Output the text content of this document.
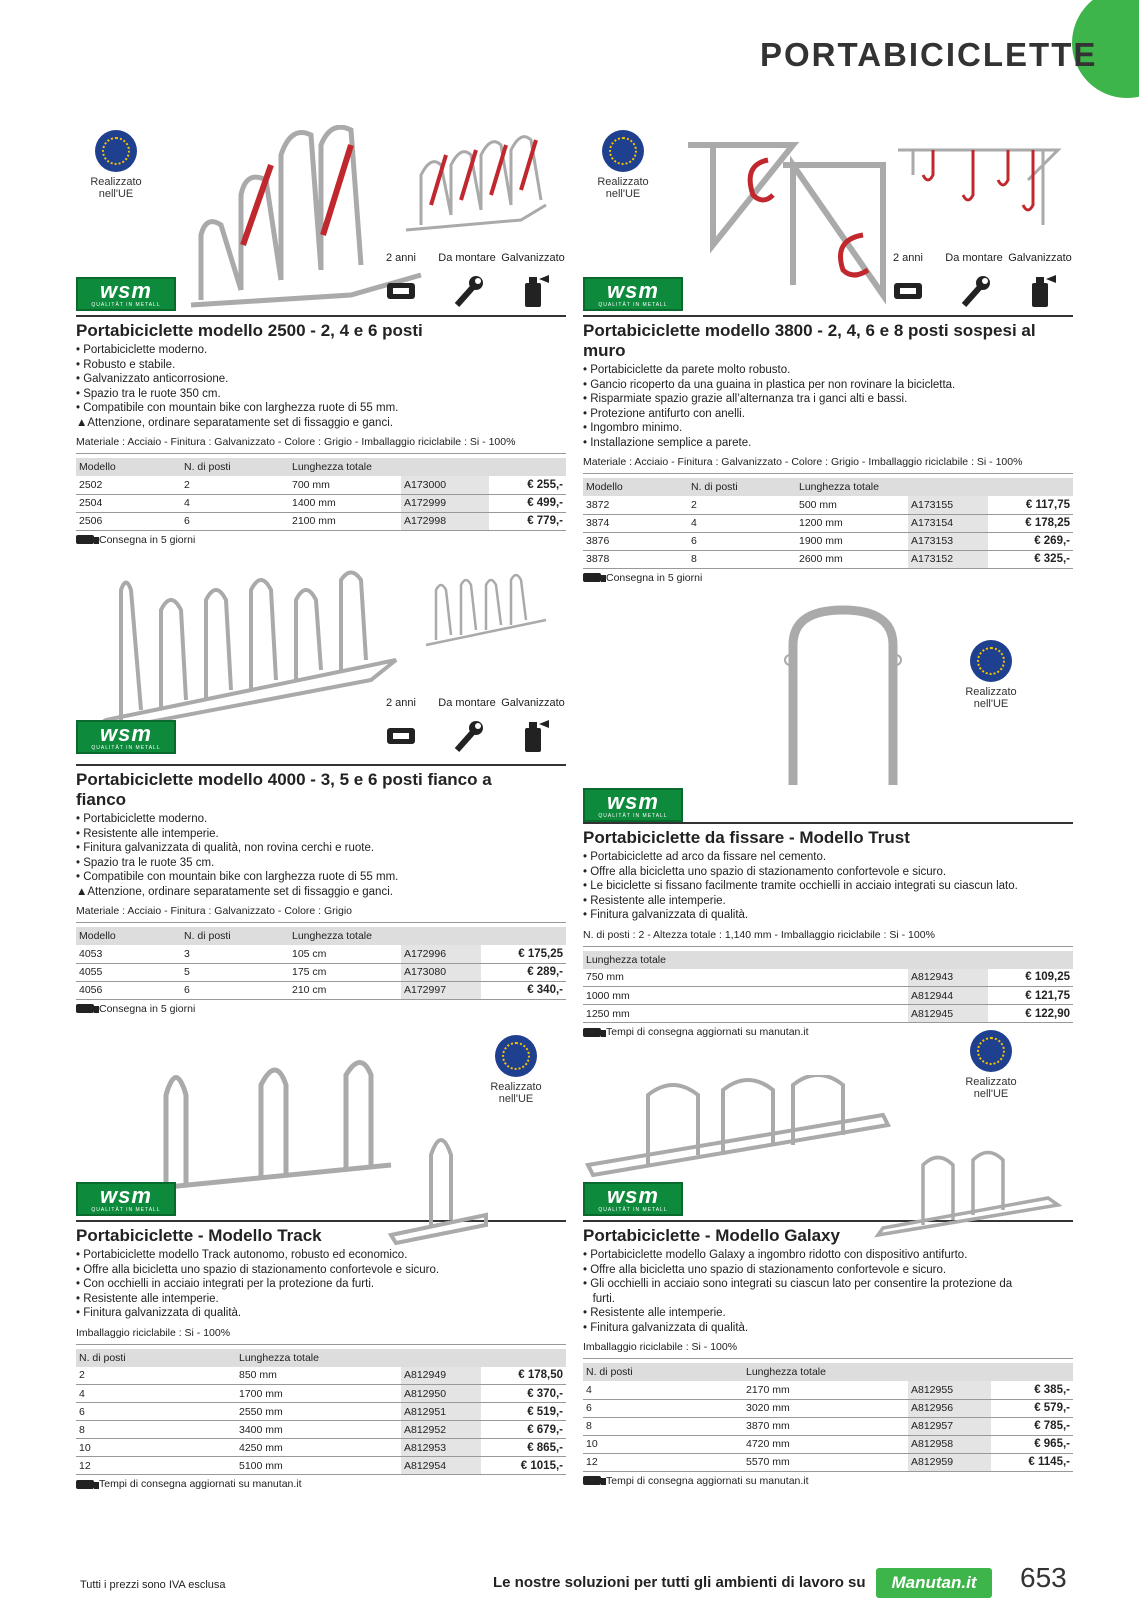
PORTABICICLETTE
Realizzato nell'UE
2 anni Da montare Galvanizzato
wsm
QUALITÄT IN METALL
Portabiciclette modello 2500 - 2, 4 e 6 posti
• Portabiciclette moderno.
• Robusto e stabile.
• Galvanizzato anticorrosione.
• Spazio tra le ruote 350 cm.
• Compatibile con mountain bike con larghezza ruote di 55 mm.
▲Attenzione, ordinare separatamente set di fissaggio e ganci.
Materiale : Acciaio - Finitura : Galvanizzato - Colore : Grigio - Imballaggio riciclabile : Si - 100%
Modello	N. di posti	Lunghezza totale		
2502	2	700 mm	A173000	€ 255,-
2504	4	1400 mm	A172999	€ 499,-
2506	6	2100 mm	A172998	€ 779,-
Consegna in 5 giorni
Realizzato nell'UE
2 anni Da montare Galvanizzato
wsm
QUALITÄT IN METALL
Portabiciclette modello 3800 - 2, 4, 6 e 8 posti sospesi al muro
• Portabiciclette da parete molto robusto.
• Gancio ricoperto da una guaina in plastica per non rovinare la bicicletta.
• Risparmiate spazio grazie all’alternanza tra i ganci alti e bassi.
• Protezione antifurto con anelli.
• Ingombro minimo.
• Installazione semplice a parete.
Materiale : Acciaio - Finitura : Galvanizzato - Colore : Grigio - Imballaggio riciclabile : Si - 100%
Modello	N. di posti	Lunghezza totale		
3872	2	500 mm	A173155	€ 117,75
3874	4	1200 mm	A173154	€ 178,25
3876	6	1900 mm	A173153	€ 269,-
3878	8	2600 mm	A173152	€ 325,-
Consegna in 5 giorni
2 anni Da montare Galvanizzato
wsm
QUALITÄT IN METALL
Portabiciclette modello 4000 - 3, 5 e 6 posti fianco a fianco
• Portabiciclette moderno.
• Resistente alle intemperie.
• Finitura galvanizzata di qualità, non rovina cerchi e ruote.
• Spazio tra le ruote 35 cm.
• Compatibile con mountain bike con larghezza ruote di 55 mm.
▲Attenzione, ordinare separatamente set di fissaggio e ganci.
Materiale : Acciaio - Finitura : Galvanizzato - Colore : Grigio
Modello	N. di posti	Lunghezza totale		
4053	3	105 cm	A172996	€ 175,25
4055	5	175 cm	A173080	€ 289,-
4056	6	210 cm	A172997	€ 340,-
Consegna in 5 giorni
Realizzato nell'UE
wsm
QUALITÄT IN METALL
Portabiciclette da fissare - Modello Trust
• Portabiciclette ad arco da fissare nel cemento.
• Offre alla bicicletta uno spazio di stazionamento confortevole e sicuro.
• Le biciclette si fissano facilmente tramite occhielli in acciaio integrati su ciascun lato.
• Resistente alle intemperie.
• Finitura galvanizzata di qualità.
N. di posti : 2 - Altezza totale : 1,140 mm - Imballaggio riciclabile : Si - 100%
Lunghezza totale		
750 mm	A812943	€ 109,25
1000 mm	A812944	€ 121,75
1250 mm	A812945	€ 122,90
Tempi di consegna aggiornati su manutan.it
Realizzato nell'UE
wsm
QUALITÄT IN METALL
Portabiciclette - Modello Track
• Portabiciclette modello Track autonomo, robusto ed economico.
• Offre alla bicicletta uno spazio di stazionamento confortevole e sicuro.
• Con occhielli in acciaio integrati per la protezione da furti.
• Resistente alle intemperie.
• Finitura galvanizzata di qualità.
Imballaggio riciclabile : Si - 100%
N. di posti	Lunghezza totale		
2	850 mm	A812949	€ 178,50
4	1700 mm	A812950	€ 370,-
6	2550 mm	A812951	€ 519,-
8	3400 mm	A812952	€ 679,-
10	4250 mm	A812953	€ 865,-
12	5100 mm	A812954	€ 1015,-
Tempi di consegna aggiornati su manutan.it
Realizzato nell'UE
wsm
QUALITÄT IN METALL
Portabiciclette - Modello Galaxy
• Portabiciclette modello Galaxy a ingombro ridotto con dispositivo antifurto.
• Offre alla bicicletta uno spazio di stazionamento confortevole e sicuro.
• Gli occhielli in acciaio sono integrati su ciascun lato per consentire la protezione da
furti.
• Resistente alle intemperie.
• Finitura galvanizzata di qualità.
Imballaggio riciclabile : Si - 100%
N. di posti	Lunghezza totale		
4	2170 mm	A812955	€ 385,-
6	3020 mm	A812956	€ 579,-
8	3870 mm	A812957	€ 785,-
10	4720 mm	A812958	€ 965,-
12	5570 mm	A812959	€ 1145,-
Tempi di consegna aggiornati su manutan.it
Tutti i prezzi sono IVA esclusa	Le nostre soluzioni per tutti gli ambienti di lavoro su	Manutan.it	653
